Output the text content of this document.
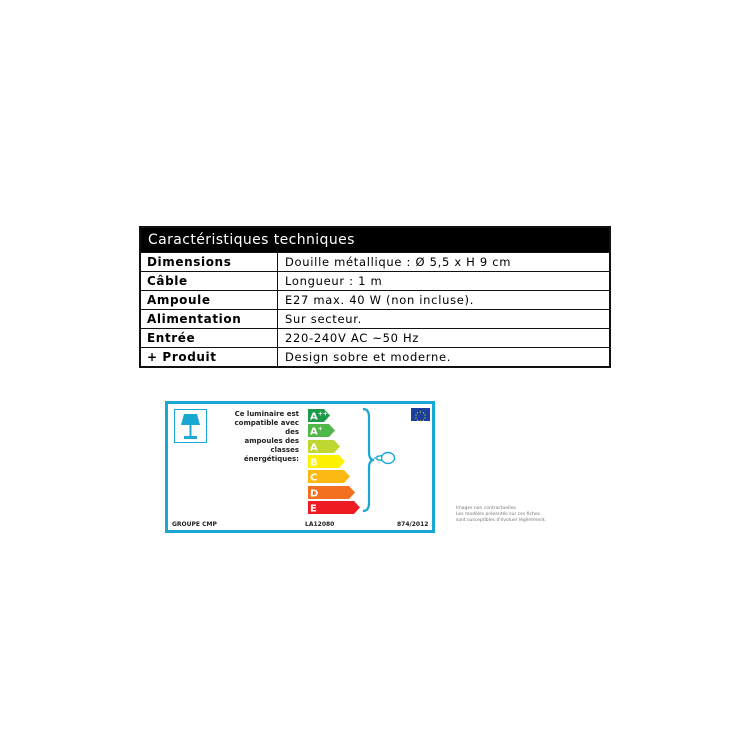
Caractéristiques techniques
Dimensions	Douille métallique : Ø 5,5 x H 9 cm
Câble	Longueur : 1 m
Ampoule	E27 max. 40 W (non incluse).
Alimentation	Sur secteur.
Entrée	220-240V AC ~50 Hz
+ Produit	Design sobre et moderne.
Ce luminaire est
compatible avec des
ampoules des classes
énergétiques:
A++
A+
A
B
C
D
E
GROUPE CMP	LA12080	874/2012
Images non contractuelles.
Les modèles présentés sur ces fiches
sont susceptibles d'évoluer légèrement.
